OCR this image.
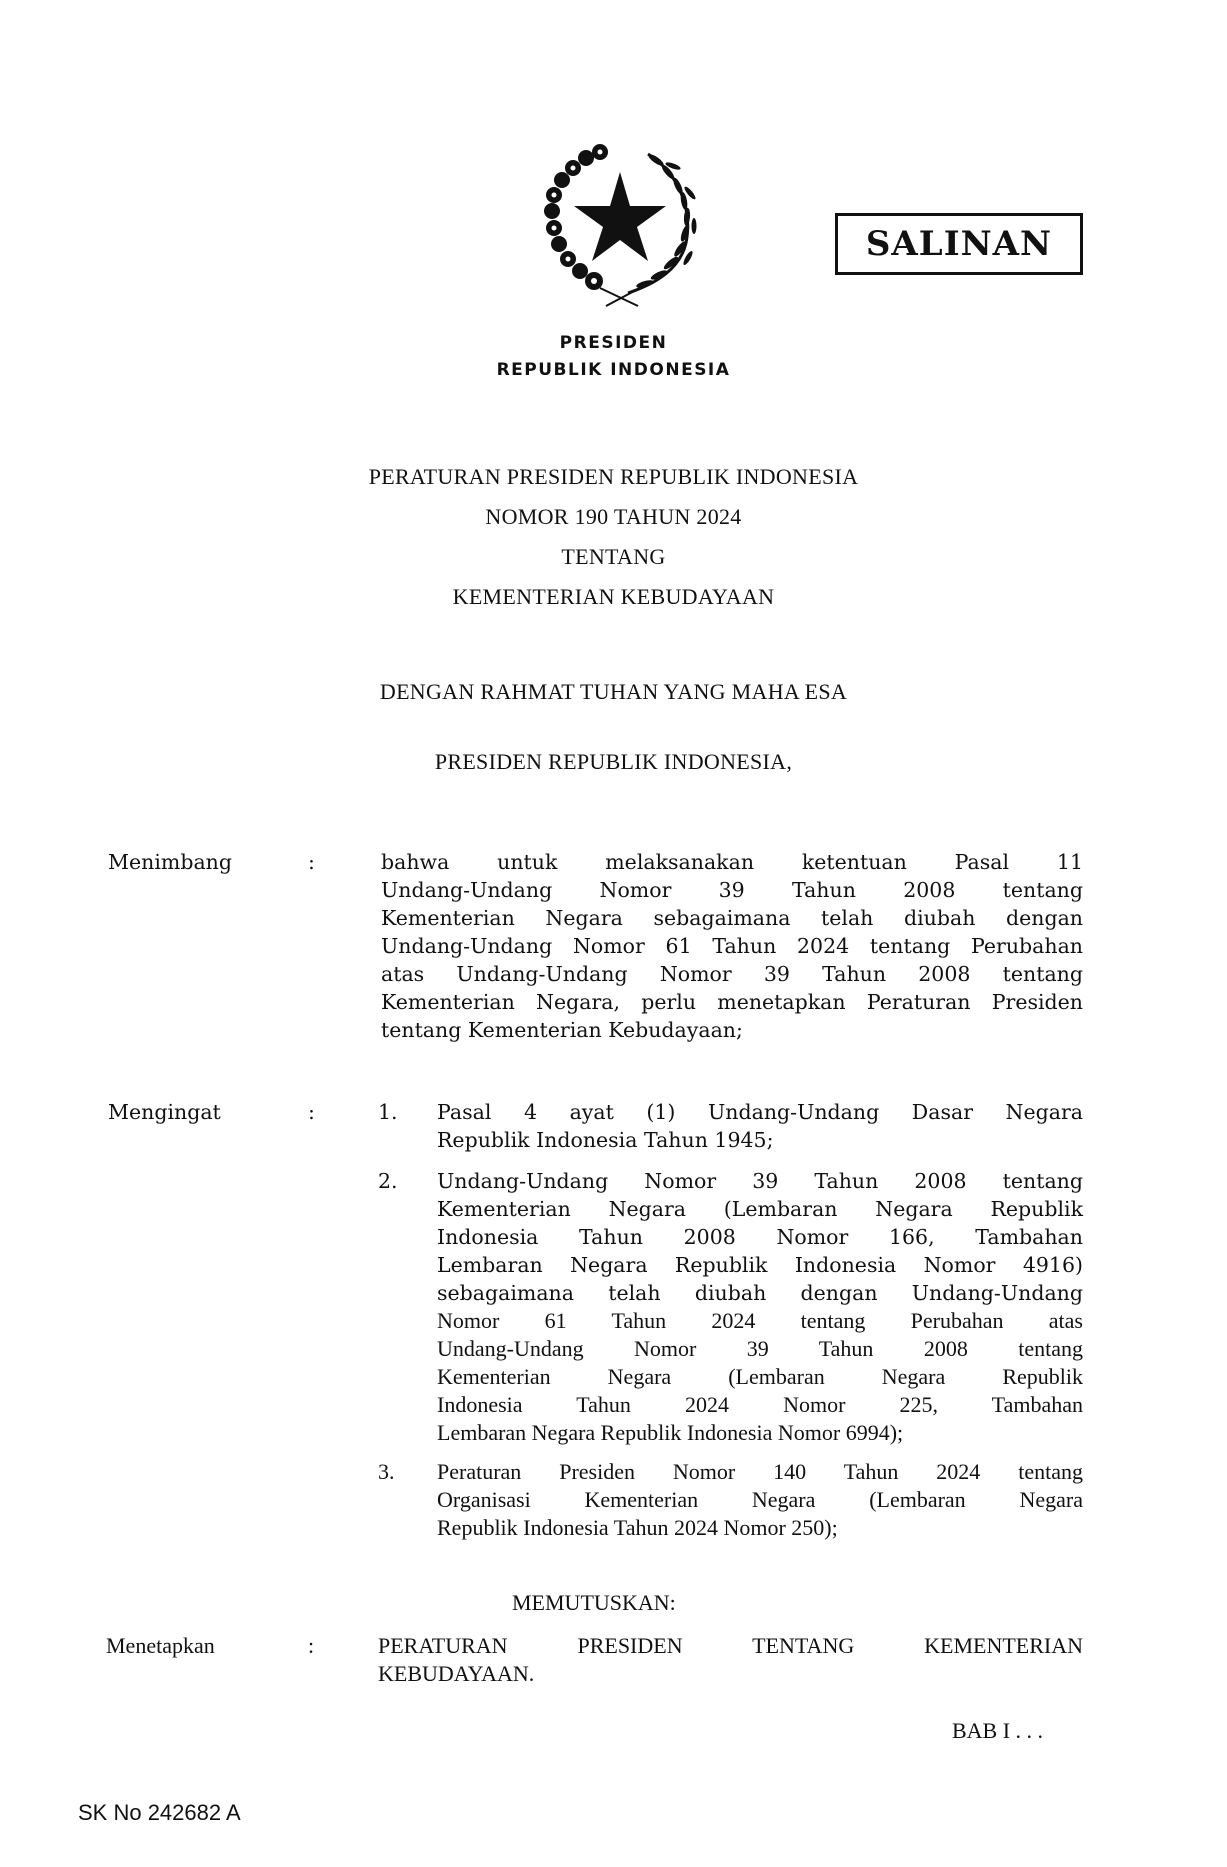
PRESIDEN
REPUBLIK INDONESIA
SALINAN
PERATURAN PRESIDEN REPUBLIK INDONESIA
NOMOR 190 TAHUN 2024
TENTANG
KEMENTERIAN KEBUDAYAAN
DENGAN RAHMAT TUHAN YANG MAHA ESA
PRESIDEN REPUBLIK INDONESIA,
Menimbang	:	bahwa untuk melaksanakan ketentuan Pasal 11
Undang-Undang Nomor 39 Tahun 2008 tentang
Kementerian Negara sebagaimana telah diubah dengan
Undang-Undang Nomor 61 Tahun 2024 tentang Perubahan
atas Undang-Undang Nomor 39 Tahun 2008 tentang
Kementerian Negara, perlu menetapkan Peraturan Presiden
tentang Kementerian Kebudayaan;
Mengingat	:	1. Pasal 4 ayat (1) Undang-Undang Dasar Negara
Republik Indonesia Tahun 1945;
2. Undang-Undang Nomor 39 Tahun 2008 tentang
Kementerian Negara (Lembaran Negara Republik
Indonesia Tahun 2008 Nomor 166, Tambahan
Lembaran Negara Republik Indonesia Nomor 4916)
sebagaimana telah diubah dengan Undang-Undang
Nomor 61 Tahun 2024 tentang Perubahan atas
Undang-Undang Nomor 39 Tahun 2008 tentang
Kementerian Negara (Lembaran Negara Republik
Indonesia Tahun 2024 Nomor 225, Tambahan
Lembaran Negara Republik Indonesia Nomor 6994);
3. Peraturan Presiden Nomor 140 Tahun 2024 tentang
Organisasi Kementerian Negara (Lembaran Negara
Republik Indonesia Tahun 2024 Nomor 250);
MEMUTUSKAN:
Menetapkan	:	PERATURAN PRESIDEN TENTANG KEMENTERIAN
KEBUDAYAAN.
BAB I . . .
SK No 242682 A
